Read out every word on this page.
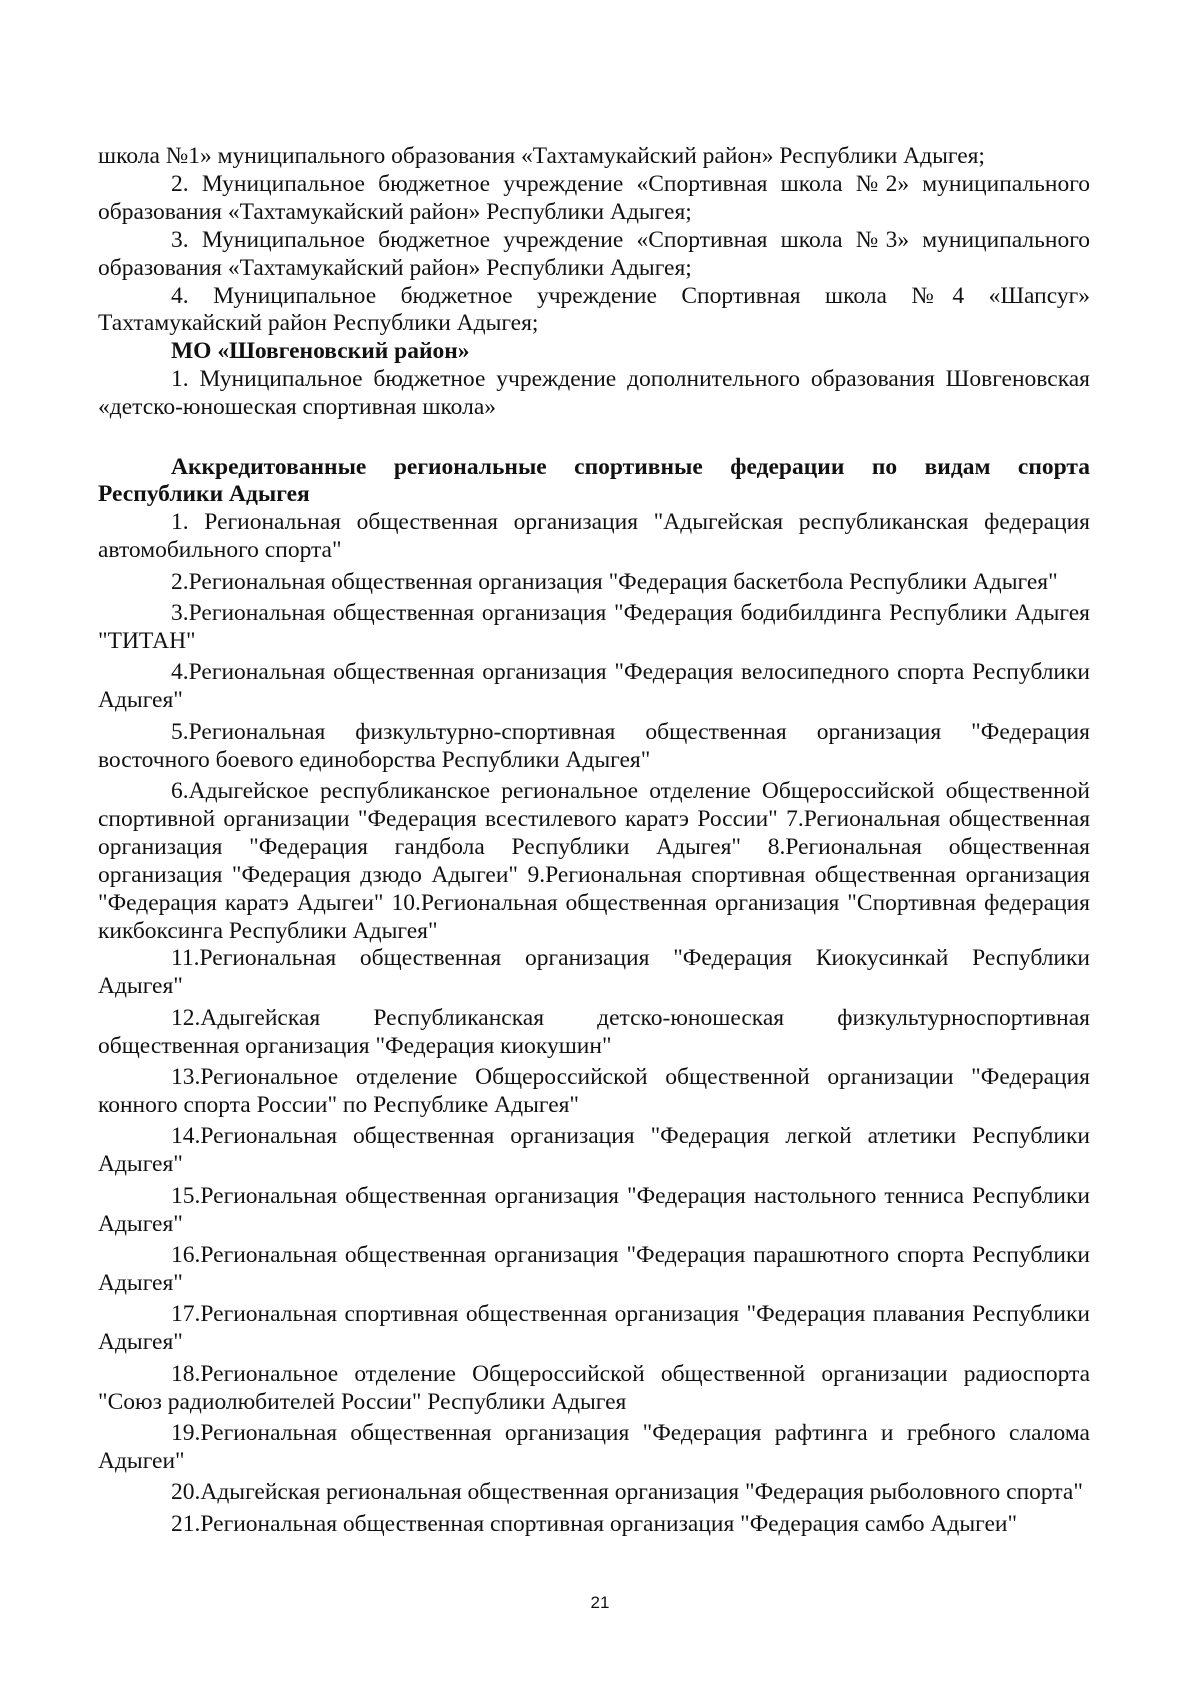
школа №1» муниципального образования «Тахтамукайский район» Республики Адыгея;

2. Муниципальное бюджетное учреждение «Спортивная школа №2» муниципального образования «Тахтамукайский район» Республики Адыгея;

3. Муниципальное бюджетное учреждение «Спортивная школа №3» муниципального образования «Тахтамукайский район» Республики Адыгея;

4. Муниципальное бюджетное учреждение Спортивная школа №4 «Шапсуг» Тахтамукайский район Республики Адыгея;

МО «Шовгеновский район»

1. Муниципальное бюджетное учреждение дополнительного образования Шовгеновская «детско-юношеская спортивная школа»

Аккредитованные региональные спортивные федерации по видам спорта Республики Адыгея

1. Региональная общественная организация "Адыгейская республиканская федерация автомобильного спорта"

2.Региональная общественная организация "Федерация баскетбола Республики Адыгея"

3.Региональная общественная организация "Федерация бодибилдинга Республики Адыгея "ТИТАН"

4.Региональная общественная организация "Федерация велосипедного спорта Республики Адыгея"

5.Региональная физкультурно-спортивная общественная организация "Федерация восточного боевого единоборства Республики Адыгея"

6.Адыгейское республиканское региональное отделение Общероссийской общественной спортивной организации "Федерация всестилевого каратэ России" 7.Региональная общественная организация "Федерация гандбола Республики Адыгея" 8.Региональная общественная организация "Федерация дзюдо Адыгеи" 9.Региональная спортивная общественная организация "Федерация каратэ Адыгеи" 10.Региональная общественная организация "Спортивная федерация кикбоксинга Республики Адыгея"

11.Региональная общественная организация "Федерация Киокусинкай Республики Адыгея"

12.Адыгейская Республиканская детско-юношеская физкультурноспортивная общественная организация "Федерация киокушин"

13.Региональное отделение Общероссийской общественной организации "Федерация конного спорта России" по Республике Адыгея"

14.Региональная общественная организация "Федерация легкой атлетики Республики Адыгея"

15.Региональная общественная организация "Федерация настольного тенниса Республики Адыгея"

16.Региональная общественная организация "Федерация парашютного спорта Республики Адыгея"

17.Региональная спортивная общественная организация "Федерация плавания Республики Адыгея"

18.Региональное отделение Общероссийской общественной организации радиоспорта "Союз радиолюбителей России" Республики Адыгея

19.Региональная общественная организация "Федерация рафтинга и гребного слалома Адыгеи"

20.Адыгейская региональная общественная организация "Федерация рыболовного спорта"

21.Региональная общественная спортивная организация "Федерация самбо Адыгеи"

21
